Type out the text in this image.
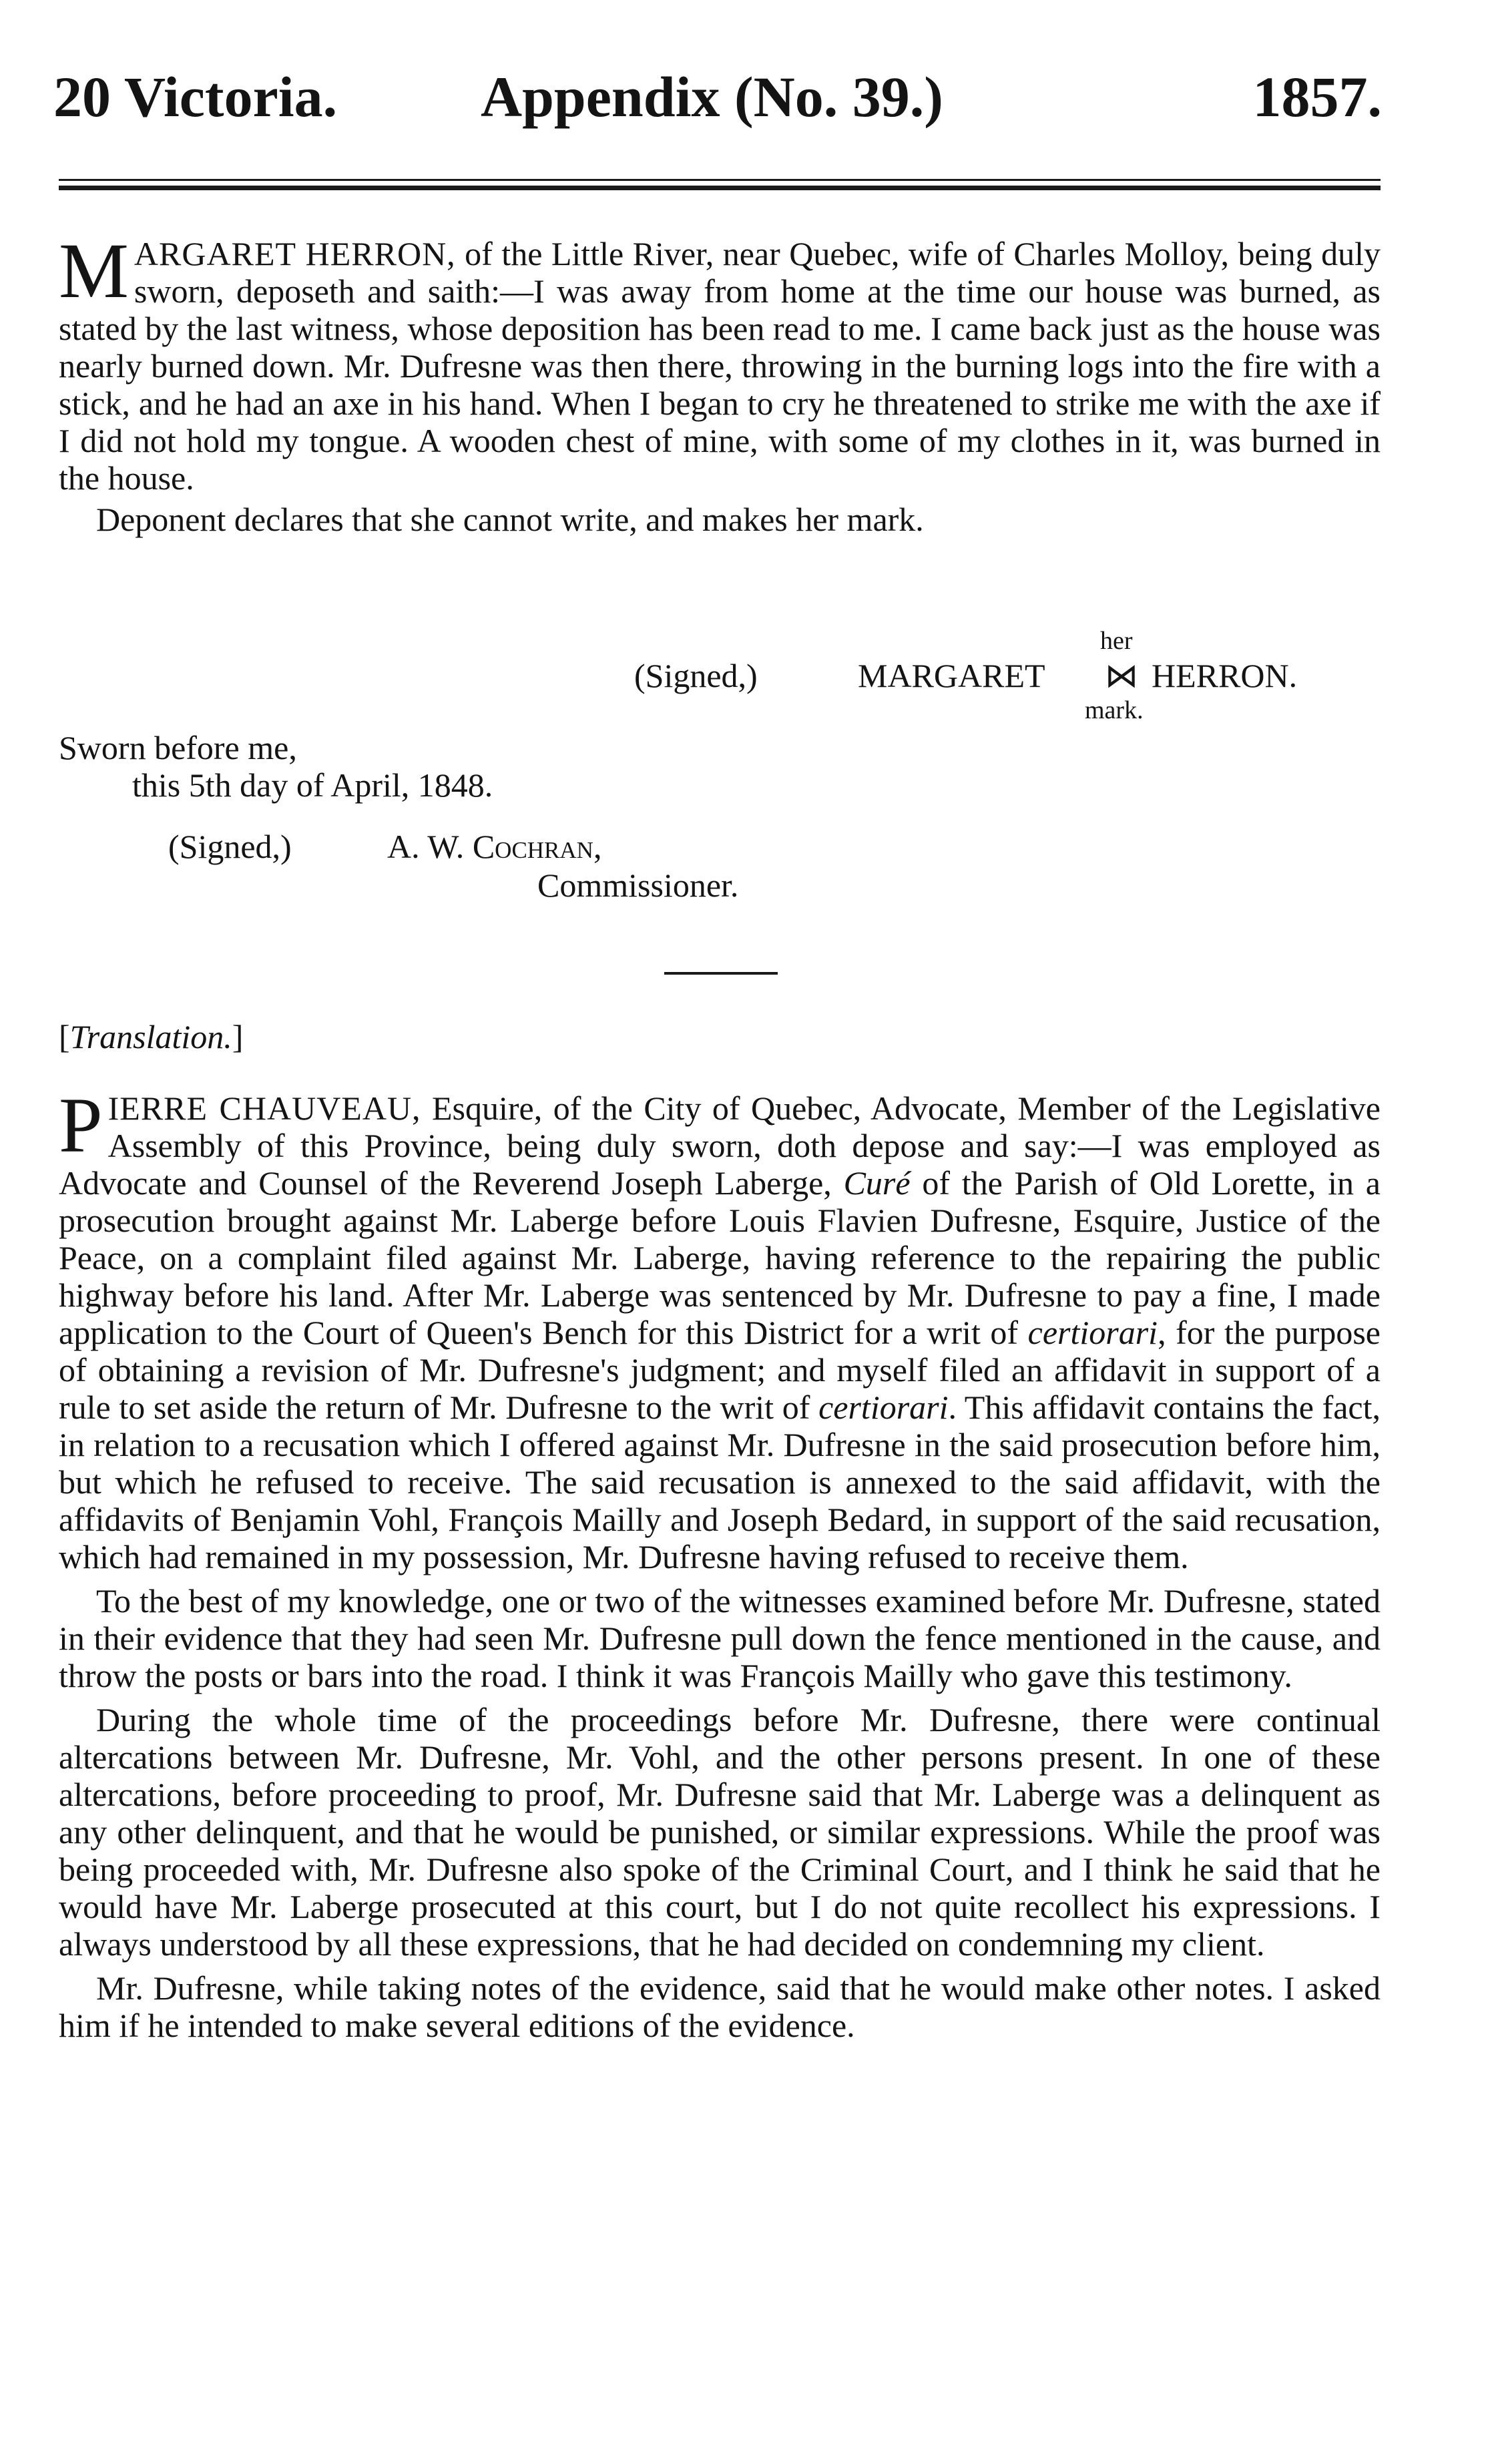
20 Victoria. Appendix (No. 39.)	1857.

MARGARET HERRON, of the Little River, near Quebec, wife of Charles Molloy, being duly sworn, deposeth and saith:—I was away from home at the time our house was burned, as stated by the last witness, whose deposition has been read to me. I came back just as the house was nearly burned down. Mr. Dufresne was then there, throwing in the burning logs into the fire with a stick, and he had an axe in his hand. When I began to cry he threatened to strike me with the axe if I did not hold my tongue. A wooden chest of mine, with some of my clothes in it, was burned in the house.

Deponent declares that she cannot write, and makes her mark.

her
(Signed,)	MARGARET ⋈ HERRON.
mark.
Sworn before me,
this 5th day of April, 1848.
(Signed,)	A. W. Cochran,
Commissioner.
[Translation.]

PIERRE CHAUVEAU, Esquire, of the City of Quebec, Advocate, Member of the Legislative Assembly of this Province, being duly sworn, doth depose and say:—I was employed as Advocate and Counsel of the Reverend Joseph Laberge, Curé of the Parish of Old Lorette, in a prosecution brought against Mr. Laberge before Louis Flavien Dufresne, Esquire, Justice of the Peace, on a complaint filed against Mr. Laberge, having reference to the repairing the public highway before his land. After Mr. Laberge was sentenced by Mr. Dufresne to pay a fine, I made application to the Court of Queen's Bench for this District for a writ of certiorari, for the purpose of obtaining a revision of Mr. Dufresne's judgment; and myself filed an affidavit in support of a rule to set aside the return of Mr. Dufresne to the writ of certiorari. This affidavit contains the fact, in relation to a recusation which I offered against Mr. Dufresne in the said prosecution before him, but which he refused to receive. The said recusation is annexed to the said affidavit, with the affidavits of Benjamin Vohl, François Mailly and Joseph Bedard, in support of the said recusation, which had remained in my possession, Mr. Dufresne having refused to receive them.

To the best of my knowledge, one or two of the witnesses examined before Mr. Dufresne, stated in their evidence that they had seen Mr. Dufresne pull down the fence mentioned in the cause, and throw the posts or bars into the road. I think it was François Mailly who gave this testimony.

During the whole time of the proceedings before Mr. Dufresne, there were continual altercations between Mr. Dufresne, Mr. Vohl, and the other persons present. In one of these altercations, before proceeding to proof, Mr. Dufresne said that Mr. Laberge was a delinquent as any other delinquent, and that he would be punished, or similar expressions. While the proof was being proceeded with, Mr. Dufresne also spoke of the Criminal Court, and I think he said that he would have Mr. Laberge prosecuted at this court, but I do not quite recollect his expressions. I always understood by all these expressions, that he had decided on condemning my client.

Mr. Dufresne, while taking notes of the evidence, said that he would make other notes. I asked him if he intended to make several editions of the evidence.
